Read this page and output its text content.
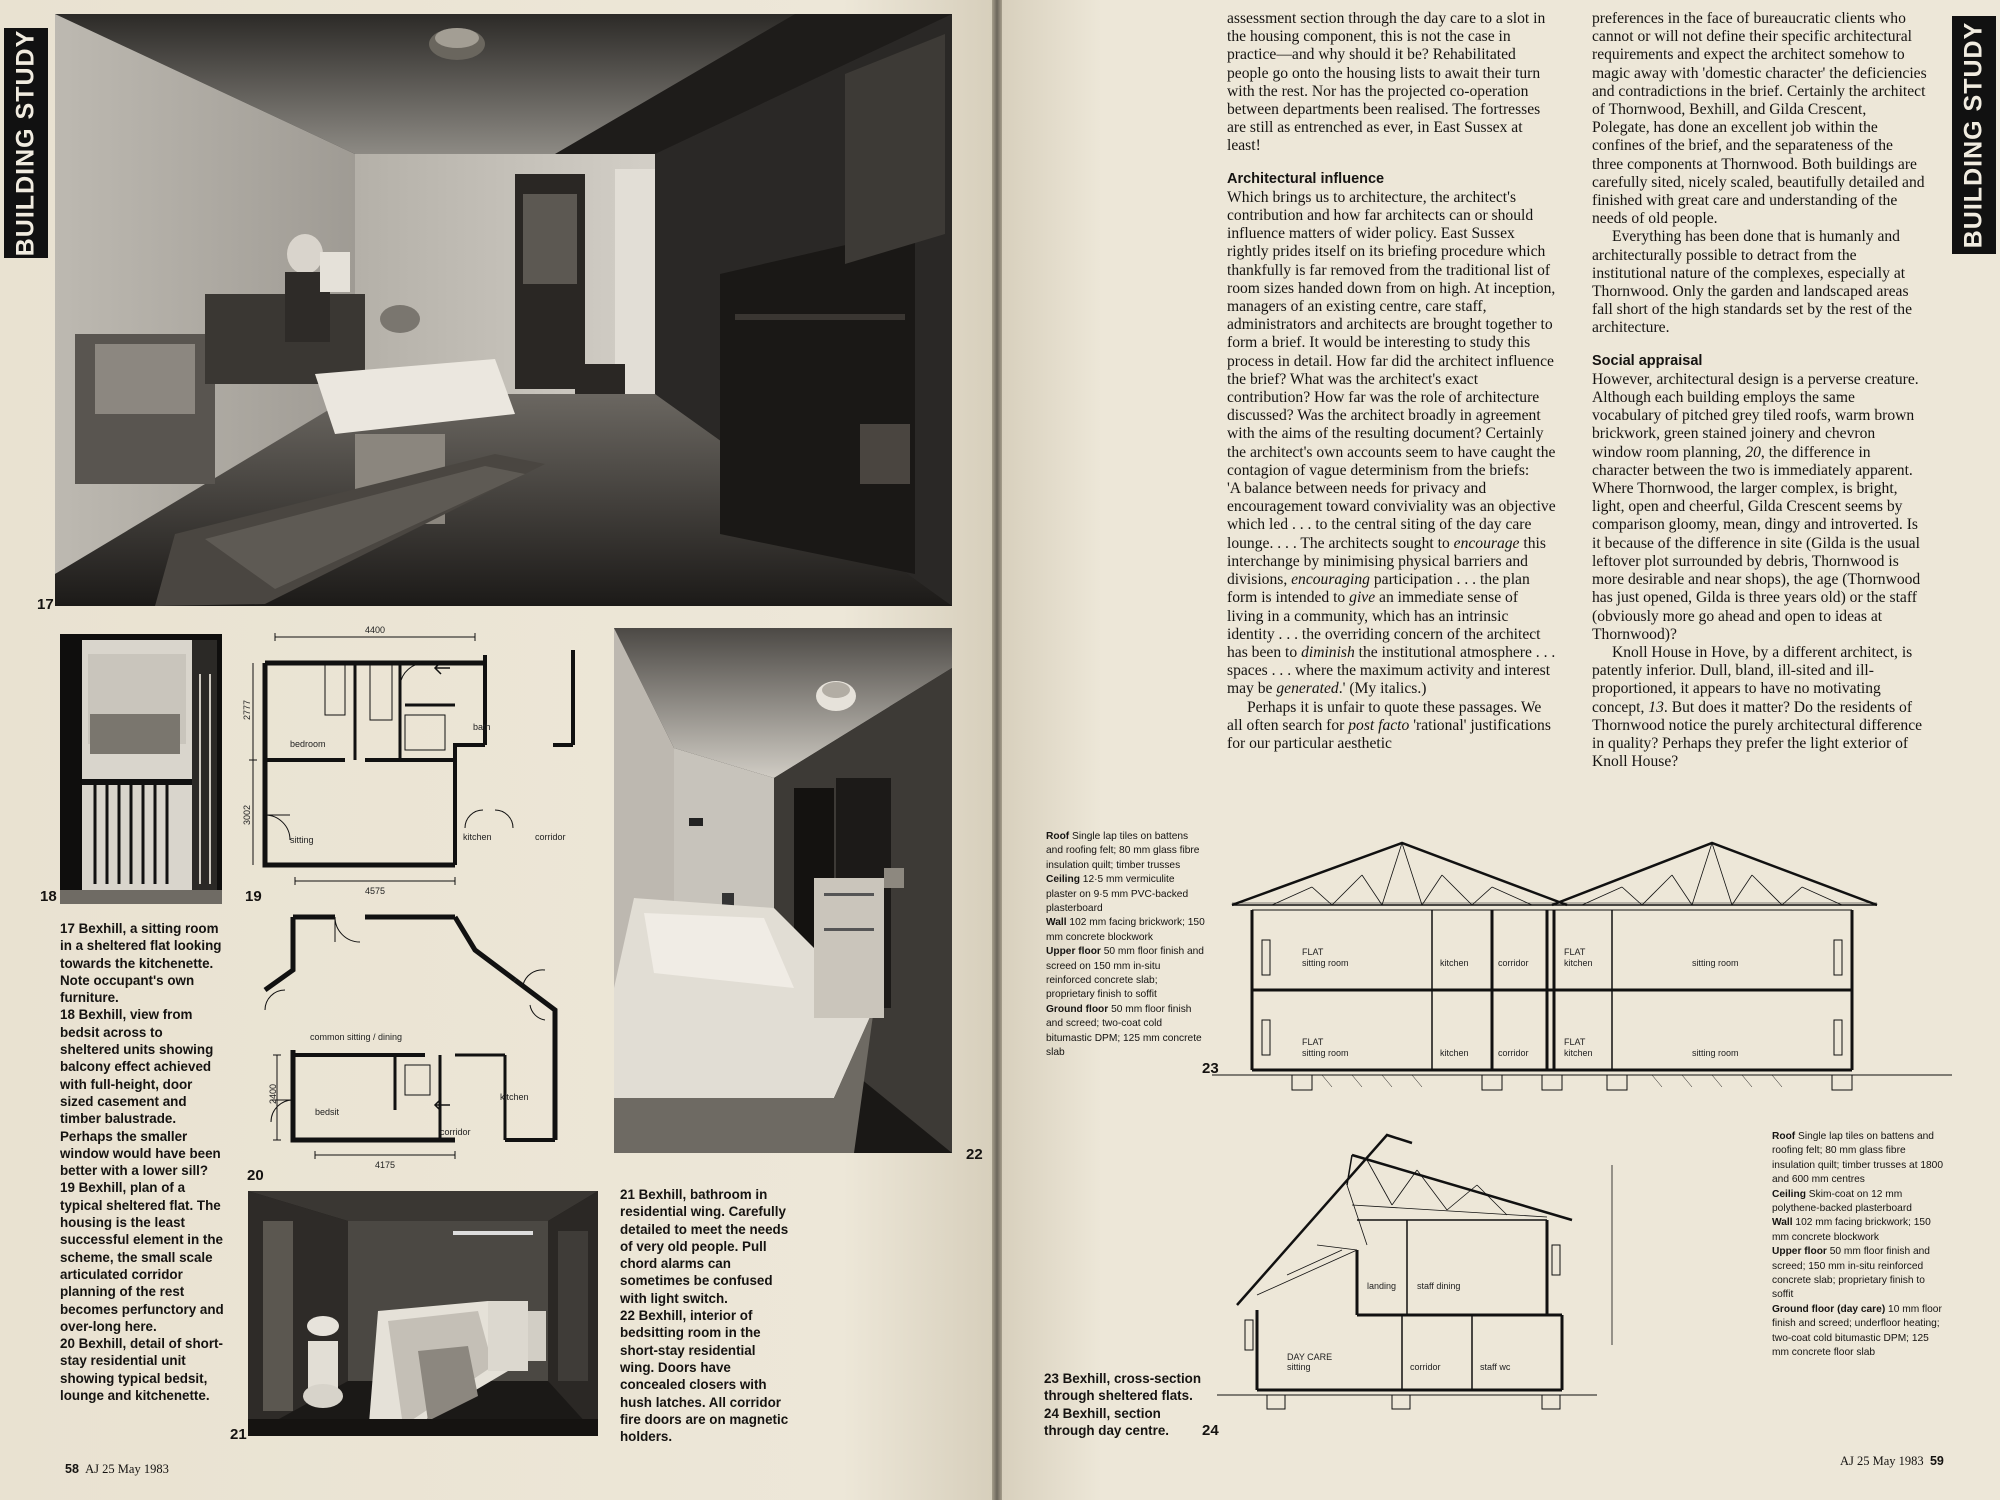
BUILDING STUDY
17
18
4400
4575
2777
3002
bedroom
bath
sitting	kitchen	corridor
19
common sitting / dining
bedsit
corridor
kitchen
4175
2400
20

17 Bexhill, a sitting room in a sheltered flat looking towards the kitchenette. Note occupant's own furniture.

18 Bexhill, view from bedsit across to sheltered units showing balcony effect achieved with full-height, door sized casement and timber balustrade. Perhaps the smaller window would have been better with a lower sill?

19 Bexhill, plan of a typical sheltered flat. The housing is the least successful element in the scheme, the small scale articulated corridor planning of the rest becomes perfunctory and over-long here.

20 Bexhill, detail of short-stay residential unit showing typical bedsit, lounge and kitchenette.

22
21

21 Bexhill, bathroom in residential wing. Carefully detailed to meet the needs of very old people. Pull chord alarms can sometimes be confused with light switch.

22 Bexhill, interior of bedsitting room in the short-stay residential wing. Doors have concealed closers with hush latches. All corridor fire doors are on magnetic holders.

58 AJ 25 May 1983
BUILDING STUDY

assessment section through the day care to a slot in the housing component, this is not the case in practice—and why should it be? Rehabilitated people go onto the housing lists to await their turn with the rest. Nor has the projected co-operation between departments been realised. The fortresses are still as entrenched as ever, in East Sussex at least!

Architectural influence

Which brings us to architecture, the architect's contribution and how far architects can or should influence matters of wider policy. East Sussex rightly prides itself on its briefing procedure which thankfully is far removed from the traditional list of room sizes handed down from on high. At inception, managers of an existing centre, care staff, administrators and architects are brought together to form a brief. It would be interesting to study this process in detail. How far did the architect influence the brief? What was the architect's exact contribution? How far was the role of architecture discussed? Was the architect broadly in agreement with the aims of the resulting document? Certainly the architect's own accounts seem to have caught the contagion of vague determinism from the briefs:

'A balance between needs for privacy and encouragement toward conviviality was an objective which led . . . to the central siting of the day care lounge. . . . The architects sought to encourage this interchange by minimising physical barriers and divisions, encouraging participation . . . the plan form is intended to give an immediate sense of living in a community, which has an intrinsic identity . . . the overriding concern of the architect has been to diminish the institutional atmosphere . . . spaces . . . where the maximum activity and interest may be generated.' (My italics.)

Perhaps it is unfair to quote these passages. We all often search for post facto 'rational' justifications for our particular aesthetic

preferences in the face of bureaucratic clients who cannot or will not define their specific architectural requirements and expect the architect somehow to magic away with 'domestic character' the deficiencies and contradictions in the brief. Certainly the architect of Thornwood, Bexhill, and Gilda Crescent, Polegate, has done an excellent job within the confines of the brief, and the separateness of the three components at Thornwood. Both buildings are carefully sited, nicely scaled, beautifully detailed and finished with great care and understanding of the needs of old people.

Everything has been done that is humanly and architecturally possible to detract from the institutional nature of the complexes, especially at Thornwood. Only the garden and landscaped areas fall short of the high standards set by the rest of the architecture.

Social appraisal

However, architectural design is a perverse creature. Although each building employs the same vocabulary of pitched grey tiled roofs, warm brown brickwork, green stained joinery and chevron window room planning, 20, the difference in character between the two is immediately apparent. Where Thornwood, the larger complex, is bright, light, open and cheerful, Gilda Crescent seems by comparison gloomy, mean, dingy and introverted. Is it because of the difference in site (Gilda is the usual leftover plot surrounded by debris, Thornwood is more desirable and near shops), the age (Thornwood has just opened, Gilda is three years old) or the staff (obviously more go ahead and open to ideas at Thornwood)?

Knoll House in Hove, by a different architect, is patently inferior. Dull, bland, ill-sited and ill-proportioned, it appears to have no motivating concept, 13. But does it matter? Do the residents of Thornwood notice the purely architectural difference in quality? Perhaps they prefer the light exterior of Knoll House?

Roof Single lap tiles on battens and roofing felt; 80 mm glass fibre insulation quilt; timber trusses

Ceiling 12·5 mm vermiculite plaster on 9·5 mm PVC-backed plasterboard

Wall 102 mm facing brickwork; 150 mm concrete blockwork

Upper floor 50 mm floor finish and screed on 150 mm in-situ reinforced concrete slab; proprietary finish to soffit

Ground floor 50 mm floor finish and screed; two-coat cold bitumastic DPM; 125 mm concrete slab

FLAT
sitting room	kitchen	corridor
FLAT
kitchen	sitting room
FLAT
sitting room	kitchen	corridor
FLAT
kitchen	sitting room
23
landing staff dining
DAY CARE
sitting	corridor	staff wc
24

Roof Single lap tiles on battens and roofing felt; 80 mm glass fibre insulation quilt; timber trusses at 1800 and 600 mm centres

Ceiling Skim-coat on 12 mm polythene-backed plasterboard

Wall 102 mm facing brickwork; 150 mm concrete blockwork

Upper floor 50 mm floor finish and screed; 150 mm in-situ reinforced concrete slab; proprietary finish to soffit

Ground floor (day care) 10 mm floor finish and screed; underfloor heating; two-coat cold bitumastic DPM; 125 mm concrete floor slab

23 Bexhill, cross-section through sheltered flats.

24 Bexhill, section through day centre.

AJ 25 May 1983 59
